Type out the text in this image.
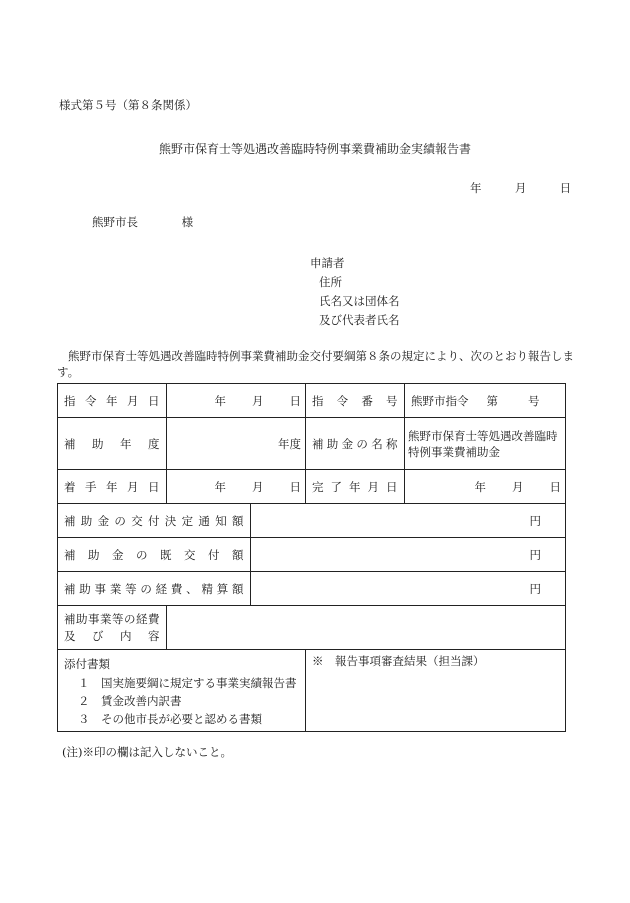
様式第５号（第８条関係）
熊野市保育士等処遇改善臨時特例事業費補助金実績報告書
年	月	日
熊野市長	様
申請者
住所
氏名又は団体名
及び代表者氏名
熊野市保育士等処遇改善臨時特例事業費補助金交付要綱第８条の規定により、次のとおり報告します。
指令年月日	年 月 日		指令番号	熊野市指令 第 号
補助年度	年度		補助金の名称	熊野市保育士等処遇改善臨時
特例事業費補助金

着手年月日	年 月 日		完了年月日	年 月 日
補助金の交付決定通知額		円		
補助金の既交付額		円		
補助事業等の経費、精算額		円		

補助事業等の経費
及び内容				

添付書類
１　国実施要綱に規定する事業実績報告書
２　賃金改善内訳書
３　その他市長が必要と認める書類			※　報告事項審査結果（担当課）	
(注)※印の欄は記入しないこと。
